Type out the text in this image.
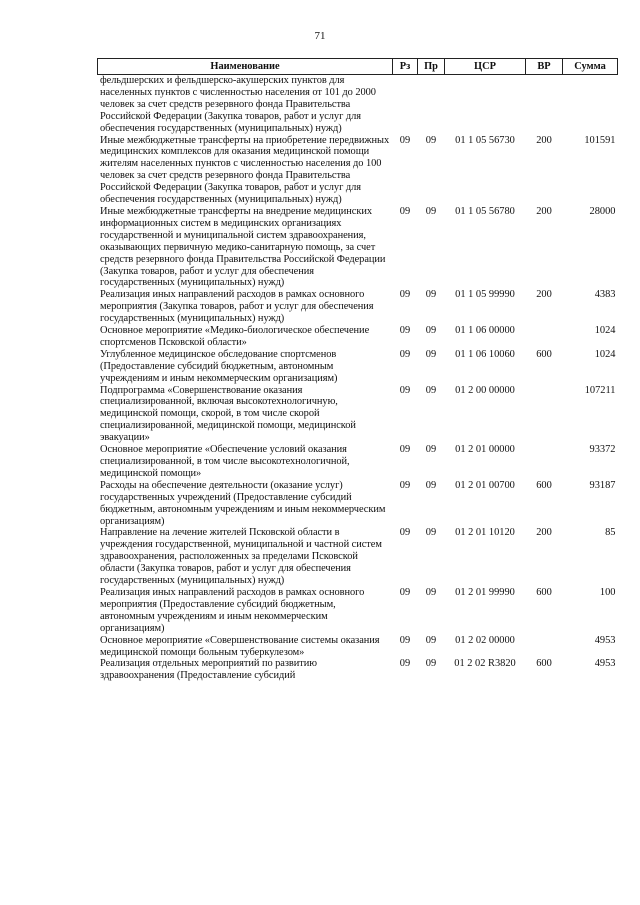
71
Наименование	Рз	Пр	ЦСР	ВР	Сумма
фельдшерских и фельдшерско-акушерских пунктов для населенных пунктов с численностью населения от 101 до 2000 человек за счет средств резервного фонда Правительства Российской Федерации (Закупка товаров, работ и услуг для обеспечения государственных (муниципальных) нужд)					
Иные межбюджетные трансферты на приобретение передвижных медицинских комплексов для оказания медицинской помощи жителям населенных пунктов с численностью населения до 100 человек за счет средств резервного фонда Правительства Российской Федерации (Закупка товаров, работ и услуг для обеспечения государственных (муниципальных) нужд)	09	09	01 1 05 56730	200	101591
Иные межбюджетные трансферты на внедрение медицинских информационных систем в медицинских организациях государственной и муниципальной систем здравоохранения, оказывающих первичную медико-санитарную помощь, за счет средств резервного фонда Правительства Российской Федерации (Закупка товаров, работ и услуг для обеспечения государственных (муниципальных) нужд)	09	09	01 1 05 56780	200	28000
Реализация иных направлений расходов в рамках основного мероприятия (Закупка товаров, работ и услуг для обеспечения государственных (муниципальных) нужд)	09	09	01 1 05 99990	200	4383
Основное мероприятие «Медико-биологическое обеспечение спортсменов Псковской области»	09	09	01 1 06 00000		1024
Углубленное медицинское обследование спортсменов (Предоставление субсидий бюджетным, автономным учреждениям и иным некоммерческим организациям)	09	09	01 1 06 10060	600	1024
Подпрограмма «Совершенствование оказания специализированной, включая высокотехнологичную, медицинской помощи, скорой, в том числе скорой специализированной, медицинской помощи, медицинской эвакуации»	09	09	01 2 00 00000		107211
Основное мероприятие «Обеспечение условий оказания специализированной, в том числе высокотехнологичной, медицинской помощи»	09	09	01 2 01 00000		93372
Расходы на обеспечение деятельности (оказание услуг) государственных учреждений (Предоставление субсидий бюджетным, автономным учреждениям и иным некоммерческим организациям)	09	09	01 2 01 00700	600	93187
Направление на лечение жителей Псковской области в учреждения государственной, муниципальной и частной систем здравоохранения, расположенных за пределами Псковской области (Закупка товаров, работ и услуг для обеспечения государственных (муниципальных) нужд)	09	09	01 2 01 10120	200	85
Реализация иных направлений расходов в рамках основного мероприятия (Предоставление субсидий бюджетным, автономным учреждениям и иным некоммерческим организациям)	09	09	01 2 01 99990	600	100
Основное мероприятие «Совершенствование системы оказания медицинской помощи больным туберкулезом»	09	09	01 2 02 00000		4953
Реализация отдельных мероприятий по развитию здравоохранения (Предоставление субсидий	09	09	01 2 02 R3820	600	4953
